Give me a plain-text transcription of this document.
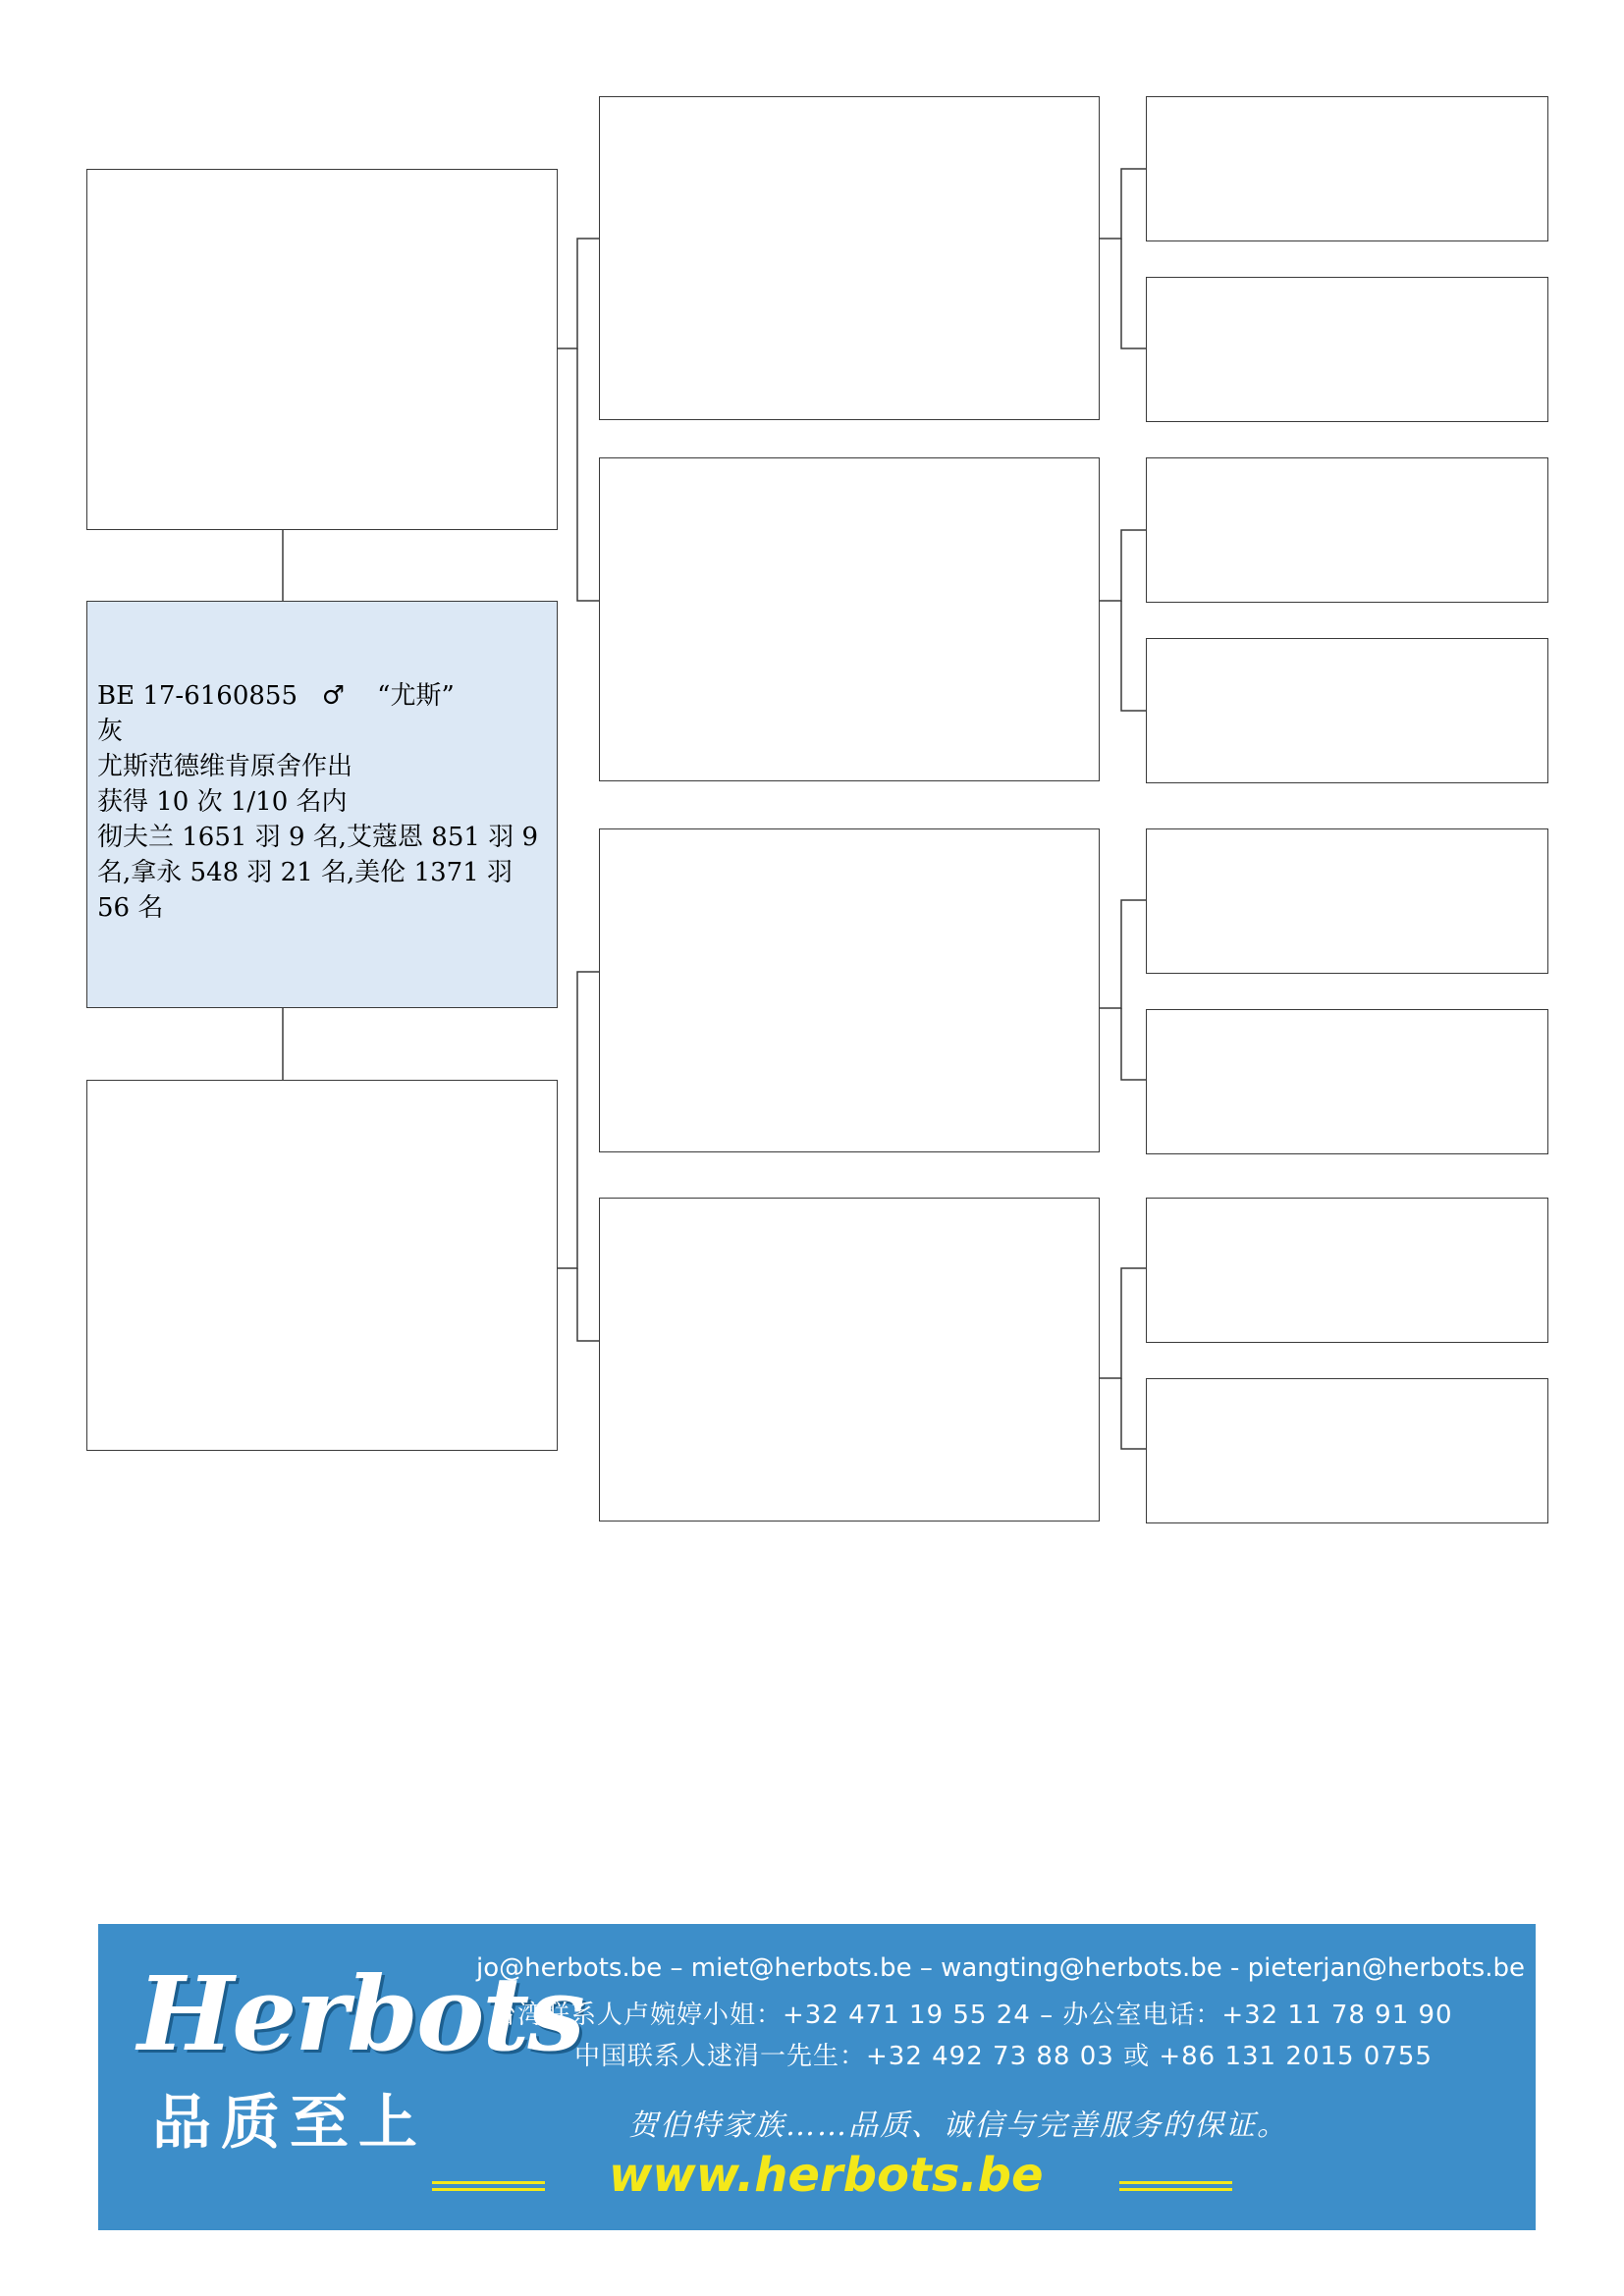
BE 17-6160855   ♂    “尤斯”
灰
尤斯范德维肯原舍作出
获得 10 次 1/10 名内
彻夫兰 1651 羽 9 名,艾蔻恩 851 羽 9 名,拿永 548 羽 21 名,美伦 1371 羽 56 名
Herbots
品质至上
jo@herbots.be – miet@herbots.be – wangting@herbots.be - pieterjan@herbots.be
台湾联系人卢婉婷小姐：+32 471 19 55 24 – 办公室电话：+32 11 78 91 90
中国联系人逑涓一先生：+32 492 73 88 03 或 +86 131 2015 0755
贺伯特家族……品质、诚信与完善服务的保证。
www.herbots.be
